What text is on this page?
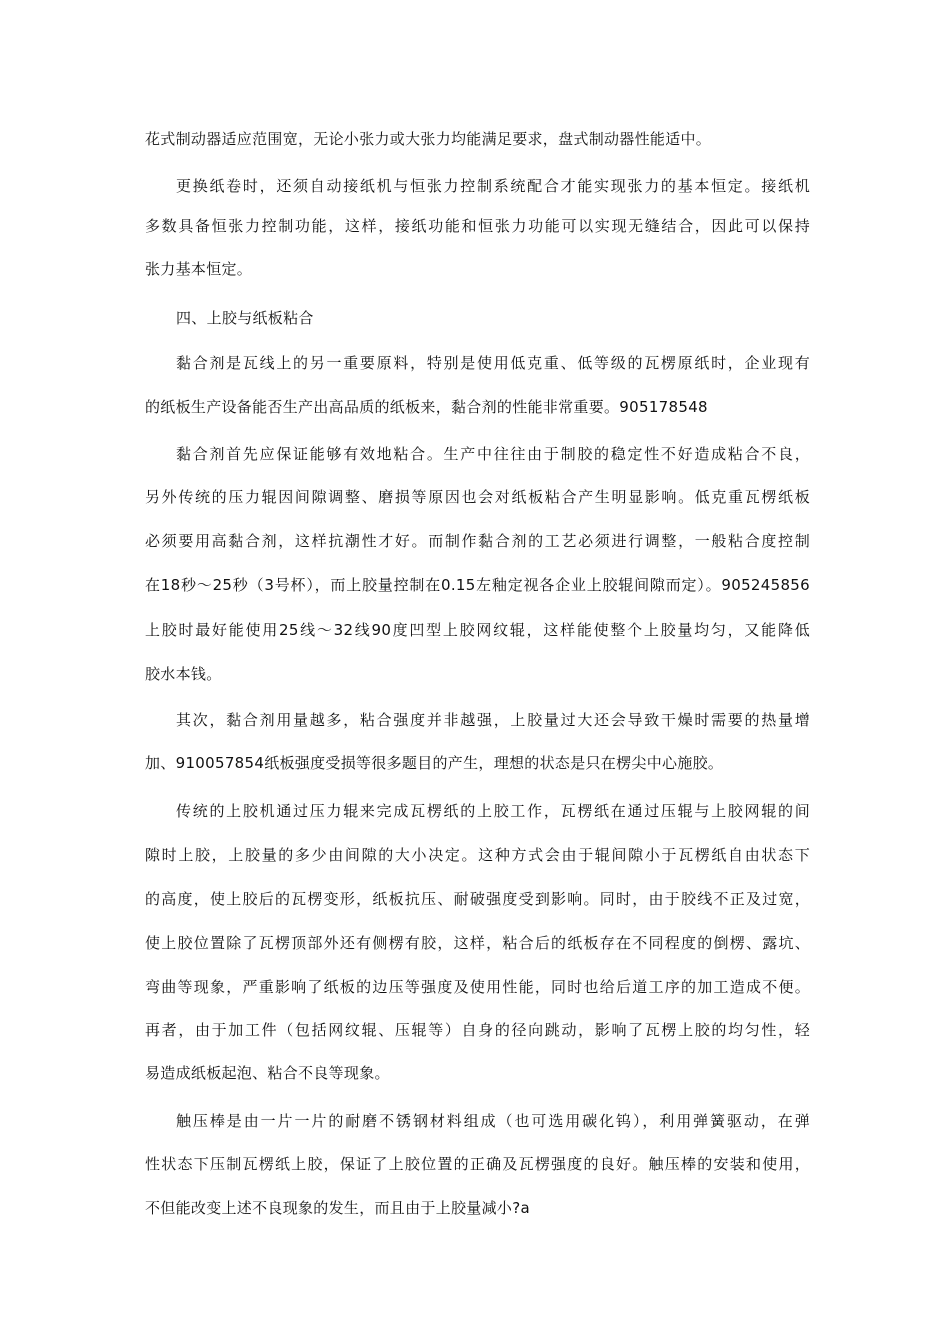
花式制动器适应范围宽，无论小张力或大张力均能满足要求，盘式制动器性能适中。
更换纸卷时，还须自动接纸机与恒张力控制系统配合才能实现张力的基本恒定。接纸机
多数具备恒张力控制功能，这样，接纸功能和恒张力功能可以实现无缝结合，因此可以保持
张力基本恒定。
四、上胶与纸板粘合
黏合剂是瓦线上的另一重要原料，特别是使用低克重、低等级的瓦楞原纸时，企业现有
的纸板生产设备能否生产出高品质的纸板来，黏合剂的性能非常重要。905178548
黏合剂首先应保证能够有效地粘合。生产中往往由于制胶的稳定性不好造成粘合不良，
另外传统的压力辊因间隙调整、磨损等原因也会对纸板粘合产生明显影响。低克重瓦楞纸板
必须要用高黏合剂，这样抗潮性才好。而制作黏合剂的工艺必须进行调整，一般粘合度控制
在18秒～25秒（3号杯），而上胶量控制在0.15左釉定视各企业上胶辊间隙而定）。905245856
上胶时最好能使用25线～32线90度凹型上胶网纹辊，这样能使整个上胶量均匀，又能降低
胶水本钱。
其次，黏合剂用量越多，粘合强度并非越强，上胶量过大还会导致干燥时需要的热量增
加、910057854纸板强度受损等很多题目的产生，理想的状态是只在楞尖中心施胶。
传统的上胶机通过压力辊来完成瓦楞纸的上胶工作，瓦楞纸在通过压辊与上胶网辊的间
隙时上胶，上胶量的多少由间隙的大小决定。这种方式会由于辊间隙小于瓦楞纸自由状态下
的高度，使上胶后的瓦楞变形，纸板抗压、耐破强度受到影响。同时，由于胶线不正及过宽，
使上胶位置除了瓦楞顶部外还有侧楞有胶，这样，粘合后的纸板存在不同程度的倒楞、露坑、
弯曲等现象，严重影响了纸板的边压等强度及使用性能，同时也给后道工序的加工造成不便。
再者，由于加工件（包括网纹辊、压辊等）自身的径向跳动，影响了瓦楞上胶的均匀性，轻
易造成纸板起泡、粘合不良等现象。
触压棒是由一片一片的耐磨不锈钢材料组成（也可选用碳化钨），利用弹簧驱动，在弹
性状态下压制瓦楞纸上胶，保证了上胶位置的正确及瓦楞强度的良好。触压棒的安装和使用，
不但能改变上述不良现象的发生，而且由于上胶量减小?a
